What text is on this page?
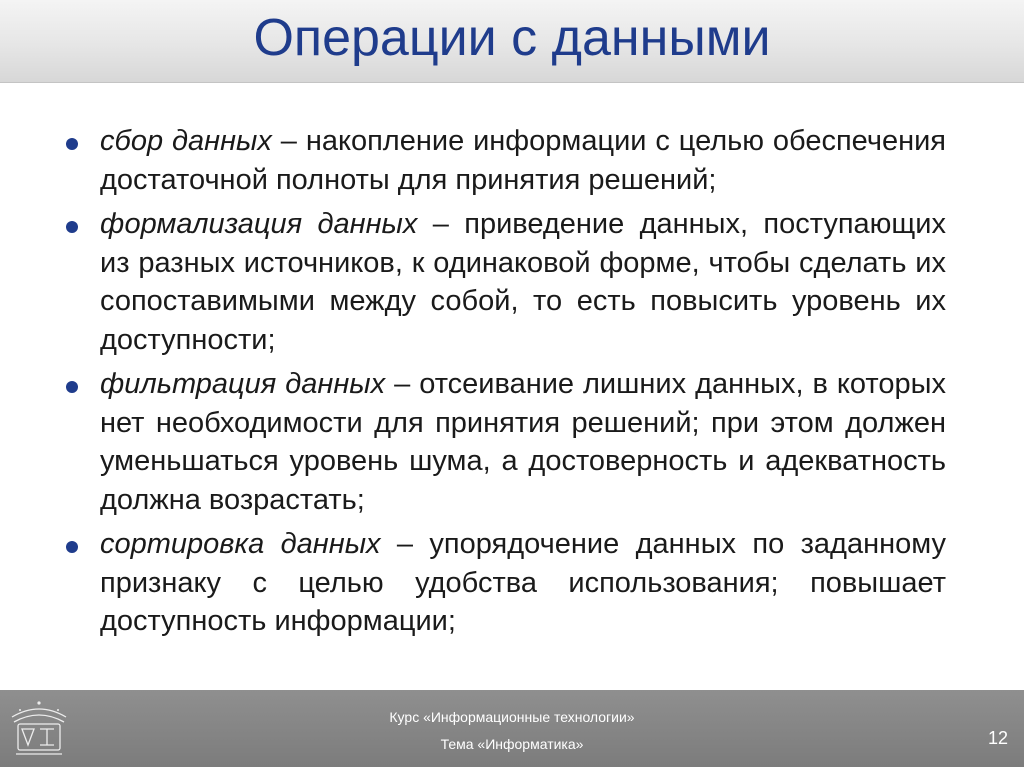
Операции с данными
сбор данных – накопление информации с целью обеспечения достаточной полноты для принятия решений;
формализация данных – приведение данных, поступающих из разных источников, к одинаковой форме, чтобы сделать их сопоставимыми между собой, то есть повысить уровень их доступности;
фильтрация данных – отсеивание лишних данных, в которых нет необходимости для принятия решений; при этом должен уменьшаться уровень шума, а достоверность и адекватность должна возрастать;
сортировка данных – упорядочение данных по заданному признаку с целью удобства использования; повышает доступность информации;
Курс «Информационные технологии»
Тема «Информатика»	12
